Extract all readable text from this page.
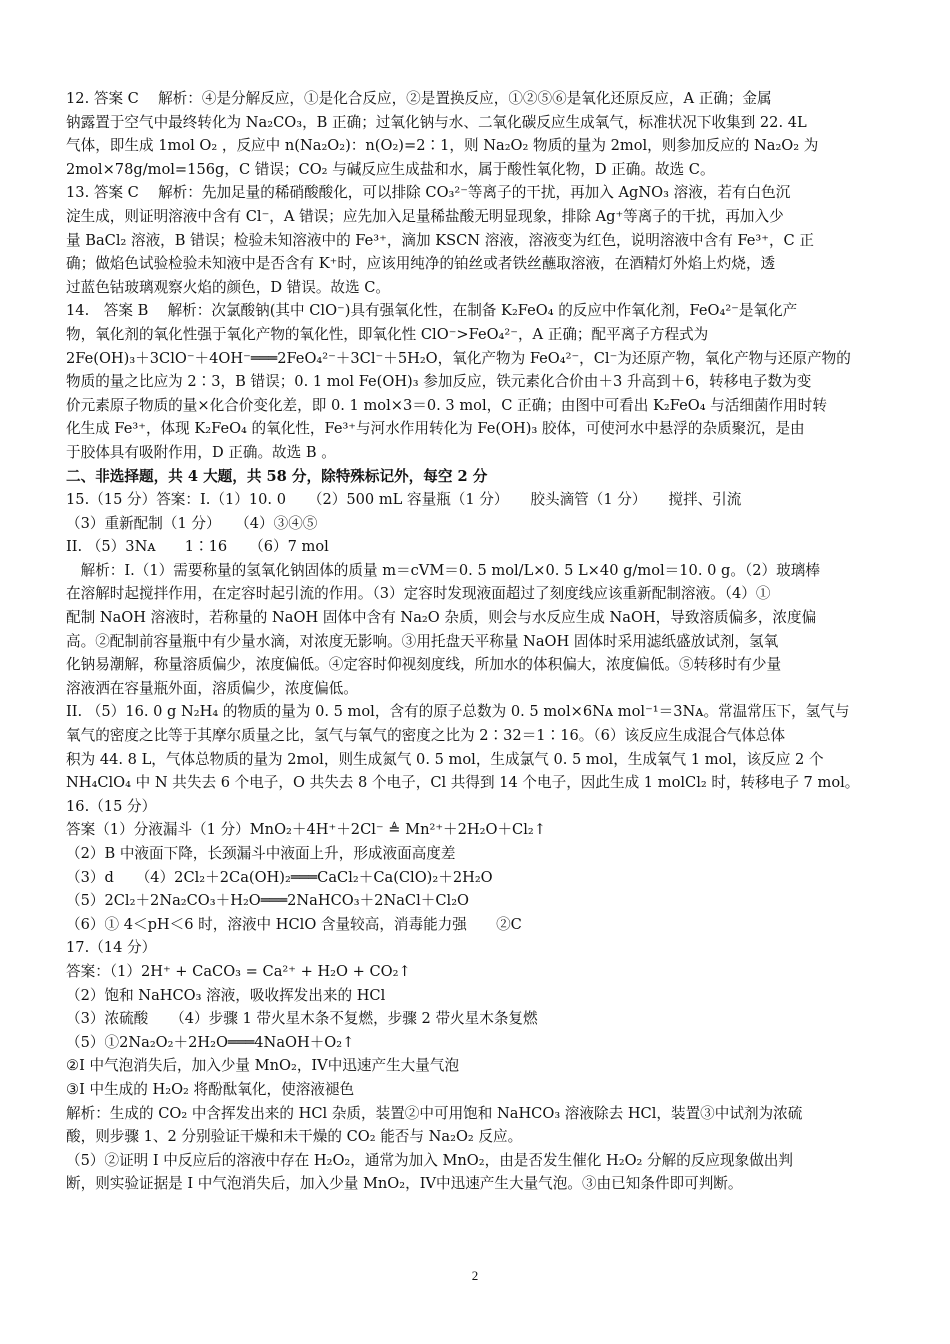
12. 答案 C　 解析：④是分解反应，①是化合反应，②是置换反应，①②⑤⑥是氧化还原反应，A 正确；金属
钠露置于空气中最终转化为 Na₂CO₃，B 正确；过氧化钠与水、二氧化碳反应生成氧气，标准状况下收集到 22. 4L
气体，即生成 1mol O₂ ，反应中 n(Na₂O₂)：n(O₂)=2∶1，则 Na₂O₂ 物质的量为 2mol，则参加反应的 Na₂O₂ 为
2mol×78g/mol=156g，C 错误；CO₂ 与碱反应生成盐和水，属于酸性氧化物，D 正确。故选 C。
13. 答案 C　 解析：先加足量的稀硝酸酸化，可以排除 CO₃²⁻等离子的干扰，再加入 AgNO₃ 溶液，若有白色沉
淀生成，则证明溶液中含有 Cl⁻，A 错误；应先加入足量稀盐酸无明显现象，排除 Ag⁺等离子的干扰，再加入少
量 BaCl₂ 溶液，B 错误；检验未知溶液中的 Fe³⁺，滴加 KSCN 溶液，溶液变为红色，说明溶液中含有 Fe³⁺，C 正
确；做焰色试验检验未知液中是否含有 K⁺时，应该用纯净的铂丝或者铁丝蘸取溶液，在酒精灯外焰上灼烧，透
过蓝色钴玻璃观察火焰的颜色，D 错误。故选 C。
14.　答案 B　 解析：次氯酸钠(其中 ClO⁻)具有强氧化性，在制备 K₂FeO₄ 的反应中作氧化剂，FeO₄²⁻是氧化产
物，氧化剂的氧化性强于氧化产物的氧化性，即氧化性 ClO⁻>FeO₄²⁻，A 正确；配平离子方程式为
2Fe(OH)₃＋3ClO⁻＋4OH⁻═══2FeO₄²⁻＋3Cl⁻＋5H₂O，氧化产物为 FeO₄²⁻，Cl⁻为还原产物，氧化产物与还原产物的
物质的量之比应为 2∶3，B 错误；0. 1 mol Fe(OH)₃ 参加反应，铁元素化合价由＋3 升高到＋6，转移电子数为变
价元素原子物质的量×化合价变化差，即 0. 1 mol×3＝0. 3 mol，C 正确；由图中可看出 K₂FeO₄ 与活细菌作用时转
化生成 Fe³⁺，体现 K₂FeO₄ 的氧化性，Fe³⁺与河水作用转化为 Fe(OH)₃ 胶体，可使河水中悬浮的杂质聚沉，是由
于胶体具有吸附作用，D 正确。故选 B 。
二、非选择题，共 4 大题，共 58 分，除特殊标记外，每空 2 分
15.（15 分）答案：I.（1）10. 0　　（2）500 mL 容量瓶（1 分）　　胶头滴管（1 分）　　搅拌、引流
（3）重新配制（1 分）　　（4）③④⑤
II. （5）3Nᴀ　　1∶16　　（6）7 mol
　解析：I.（1）需要称量的氢氧化钠固体的质量 m＝cVM＝0. 5 mol/L×0. 5 L×40 g/mol＝10. 0 g。（2）玻璃棒
在溶解时起搅拌作用，在定容时起引流的作用。（3）定容时发现液面超过了刻度线应该重新配制溶液。（4）①
配制 NaOH 溶液时，若称量的 NaOH 固体中含有 Na₂O 杂质，则会与水反应生成 NaOH，导致溶质偏多，浓度偏
高。②配制前容量瓶中有少量水滴，对浓度无影响。③用托盘天平称量 NaOH 固体时采用滤纸盛放试剂，氢氧
化钠易潮解，称量溶质偏少，浓度偏低。④定容时仰视刻度线，所加水的体积偏大，浓度偏低。⑤转移时有少量
溶液洒在容量瓶外面，溶质偏少，浓度偏低。
II. （5）16. 0 g N₂H₄ 的物质的量为 0. 5 mol，含有的原子总数为 0. 5 mol×6Nᴀ mol⁻¹＝3Nᴀ。常温常压下，氢气与
氧气的密度之比等于其摩尔质量之比，氢气与氧气的密度之比为 2∶32＝1∶16。（6）该反应生成混合气体总体
积为 44. 8 L，气体总物质的量为 2mol，则生成氮气 0. 5 mol，生成氯气 0. 5 mol，生成氧气 1 mol，该反应 2 个
NH₄ClO₄ 中 N 共失去 6 个电子，O 共失去 8 个电子，Cl 共得到 14 个电子，因此生成 1 molCl₂ 时，转移电子 7 mol。
16.（15 分）
答案（1）分液漏斗（1 分）MnO₂＋4H⁺＋2Cl⁻ ≜ Mn²⁺＋2H₂O＋Cl₂↑
（2）B 中液面下降，长颈漏斗中液面上升，形成液面高度差
（3）d　　（4）2Cl₂＋2Ca(OH)₂═══CaCl₂＋Ca(ClO)₂＋2H₂O
（5）2Cl₂＋2Na₂CO₃＋H₂O═══2NaHCO₃＋2NaCl＋Cl₂O
（6）① 4＜pH＜6 时，溶液中 HClO 含量较高，消毒能力强　　②C
17.（14 分）
答案：（1）2H⁺ + CaCO₃ = Ca²⁺ + H₂O + CO₂↑
（2）饱和 NaHCO₃ 溶液，吸收挥发出来的 HCl
（3）浓硫酸　　（4）步骤 1 带火星木条不复燃，步骤 2 带火星木条复燃
（5）①2Na₂O₂＋2H₂O═══4NaOH＋O₂↑
②I 中气泡消失后，加入少量 MnO₂，IV中迅速产生大量气泡
③I 中生成的 H₂O₂ 将酚酞氧化，使溶液褪色
解析：生成的 CO₂ 中含挥发出来的 HCl 杂质，装置②中可用饱和 NaHCO₃ 溶液除去 HCl，装置③中试剂为浓硫
酸，则步骤 1、2 分别验证干燥和未干燥的 CO₂ 能否与 Na₂O₂ 反应。
（5）②证明 I 中反应后的溶液中存在 H₂O₂，通常为加入 MnO₂，由是否发生催化 H₂O₂ 分解的反应现象做出判
断，则实验证据是 I 中气泡消失后，加入少量 MnO₂，IV中迅速产生大量气泡。③由已知条件即可判断。
2
